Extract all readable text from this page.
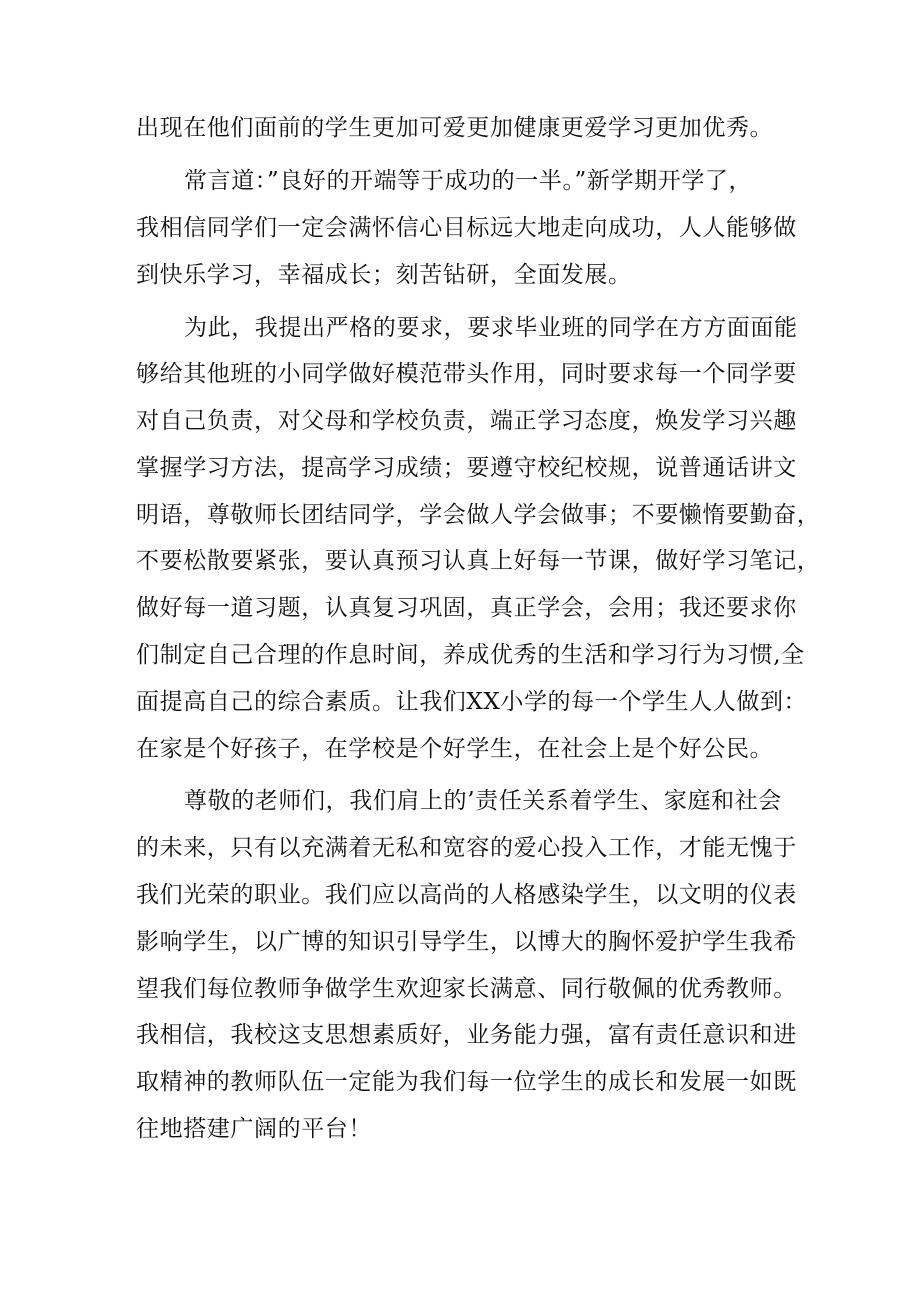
出现在他们面前的学生更加可爱更加健康更爱学习更加优秀。
常言道：”良好的开端等于成功的一半。”新学期开学了，
我相信同学们一定会满怀信心目标远大地走向成功，人人能够做
到快乐学习，幸福成长；刻苦钻研，全面发展。
为此，我提出严格的要求，要求毕业班的同学在方方面面能
够给其他班的小同学做好模范带头作用，同时要求每一个同学要
对自己负责，对父母和学校负责，端正学习态度，焕发学习兴趣
掌握学习方法，提高学习成绩；要遵守校纪校规，说普通话讲文
明语，尊敬师长团结同学，学会做人学会做事；不要懒惰要勤奋，
不要松散要紧张，要认真预习认真上好每一节课，做好学习笔记，
做好每一道习题，认真复习巩固，真正学会，会用；我还要求你
们制定自己合理的作息时间，养成优秀的生活和学习行为习惯,全
面提高自己的综合素质。让我们XX小学的每一个学生人人做到：
在家是个好孩子，在学校是个好学生，在社会上是个好公民。
尊敬的老师们，我们肩上的’责任关系着学生、家庭和社会
的未来，只有以充满着无私和宽容的爱心投入工作，才能无愧于
我们光荣的职业。我们应以高尚的人格感染学生，以文明的仪表
影响学生，以广博的知识引导学生，以博大的胸怀爱护学生我希
望我们每位教师争做学生欢迎家长满意、同行敬佩的优秀教师。
我相信，我校这支思想素质好，业务能力强，富有责任意识和进
取精神的教师队伍一定能为我们每一位学生的成长和发展一如既
往地搭建广阔的平台！
